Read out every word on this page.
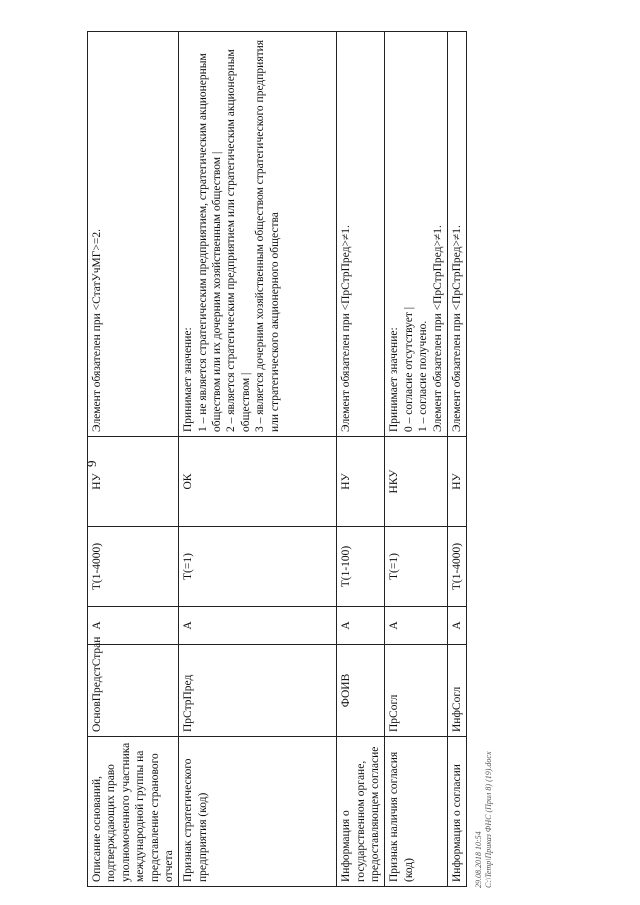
9
Описание оснований, подтверждающих право уполномоченного участника международной группы на представление странового отчета	ОсновПредстСтран	А	T(1-4000)	НУ	Элемент обязателен при <СтатУчМГ>=2.

Признак стратегического предприятия (код)	ПрСтрПред	А	T(=1)	ОК	Принимает значение: 1 – не является стратегическим предприятием, стратегическим акционерным обществом или их дочерним хозяйственным обществом | 2 – является стратегическим предприятием или стратегическим акционерным обществом | 3 – является дочерним хозяйственным обществом стратегического предприятия или стратегического акционерного общества

Информация о государственном органе, предоставляющем согласие	ФОИВ	А	T(1-100)	НУ	Элемент обязателен при <ПрСтрПред>≠1.

Признак наличия согласия (код)	ПрСогл	А	T(=1)	НКУ	Принимает значение: 0 – согласие отсутствует | 1 – согласие получено. Элемент обязателен при <ПрСтрПред>≠1.

Информация о согласии	ИнфСогл	А	T(1-4000)	НУ	Элемент обязателен при <ПрСтрПред>≠1.

29.08.2018 10:54 С:\Temp\Приказ ФНС (Прил 8) (19).docx
